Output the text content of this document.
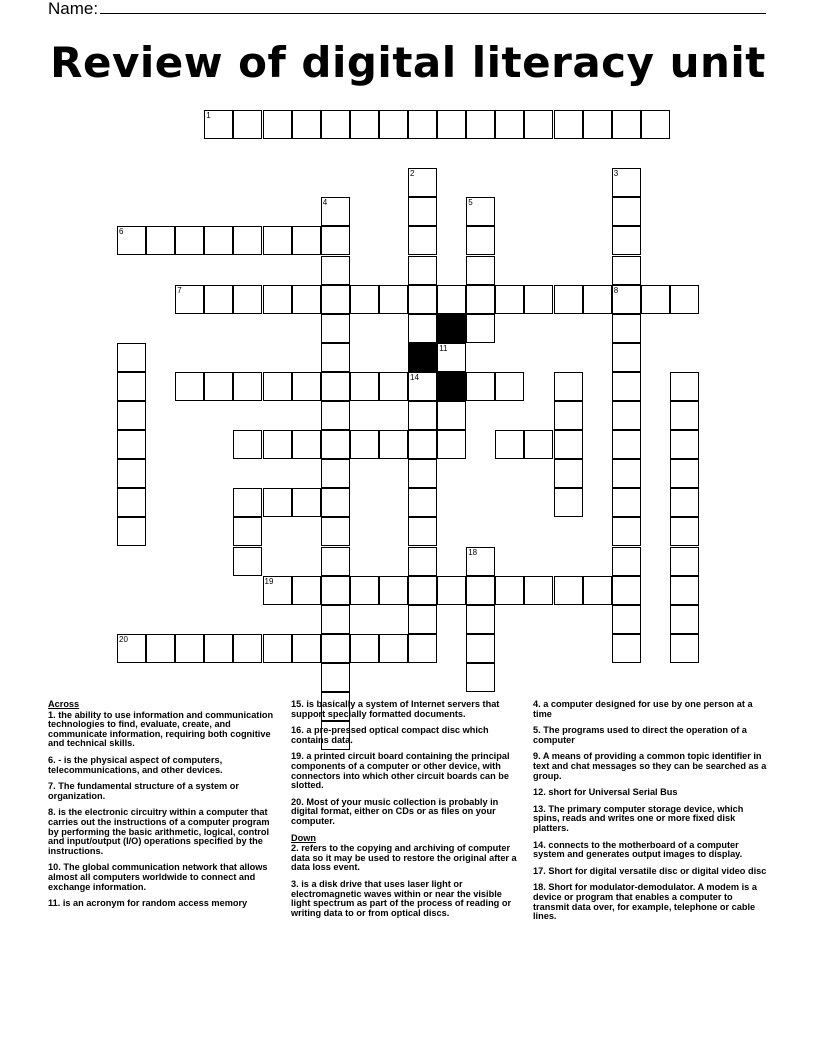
Name:
Review of digital literacy unit
1
2
14
3
8
4	5
6
7
11
18
19
20
Across
1. the ability to use information and communication technologies to find, evaluate, create, and communicate information, requiring both cognitive and technical skills.
6. - is the physical aspect of computers, telecommunications, and other devices.
7. The fundamental structure of a system or organization.
8. is the electronic circuitry within a computer that carries out the instructions of a computer program by performing the basic arithmetic, logical, control and input/output (I/O) operations specified by the instructions.
10. The global communication network that allows almost all computers worldwide to connect and exchange information.
11. is an acronym for random access memory
15. is basically a system of Internet servers that support specially formatted documents.
16. a pre-pressed optical compact disc which contains data.
19. a printed circuit board containing the principal components of a computer or other device, with connectors into which other circuit boards can be slotted.
20. Most of your music collection is probably in digital format, either on CDs or as files on your computer.
Down
2. refers to the copying and archiving of computer data so it may be used to restore the original after a data loss event.
3. is a disk drive that uses laser light or electromagnetic waves within or near the visible light spectrum as part of the process of reading or writing data to or from optical discs.
4. a computer designed for use by one person at a time
5. The programs used to direct the operation of a computer
9. A means of providing a common topic identifier in text and chat messages so they can be searched as a group.
12. short for Universal Serial Bus
13. The primary computer storage device, which spins, reads and writes one or more fixed disk platters.
14. connects to the motherboard of a computer system and generates output images to display.
17. Short for digital versatile disc or digital video disc
18. Short for modulator-demodulator. A modem is a device or program that enables a computer to transmit data over, for example, telephone or cable lines.
